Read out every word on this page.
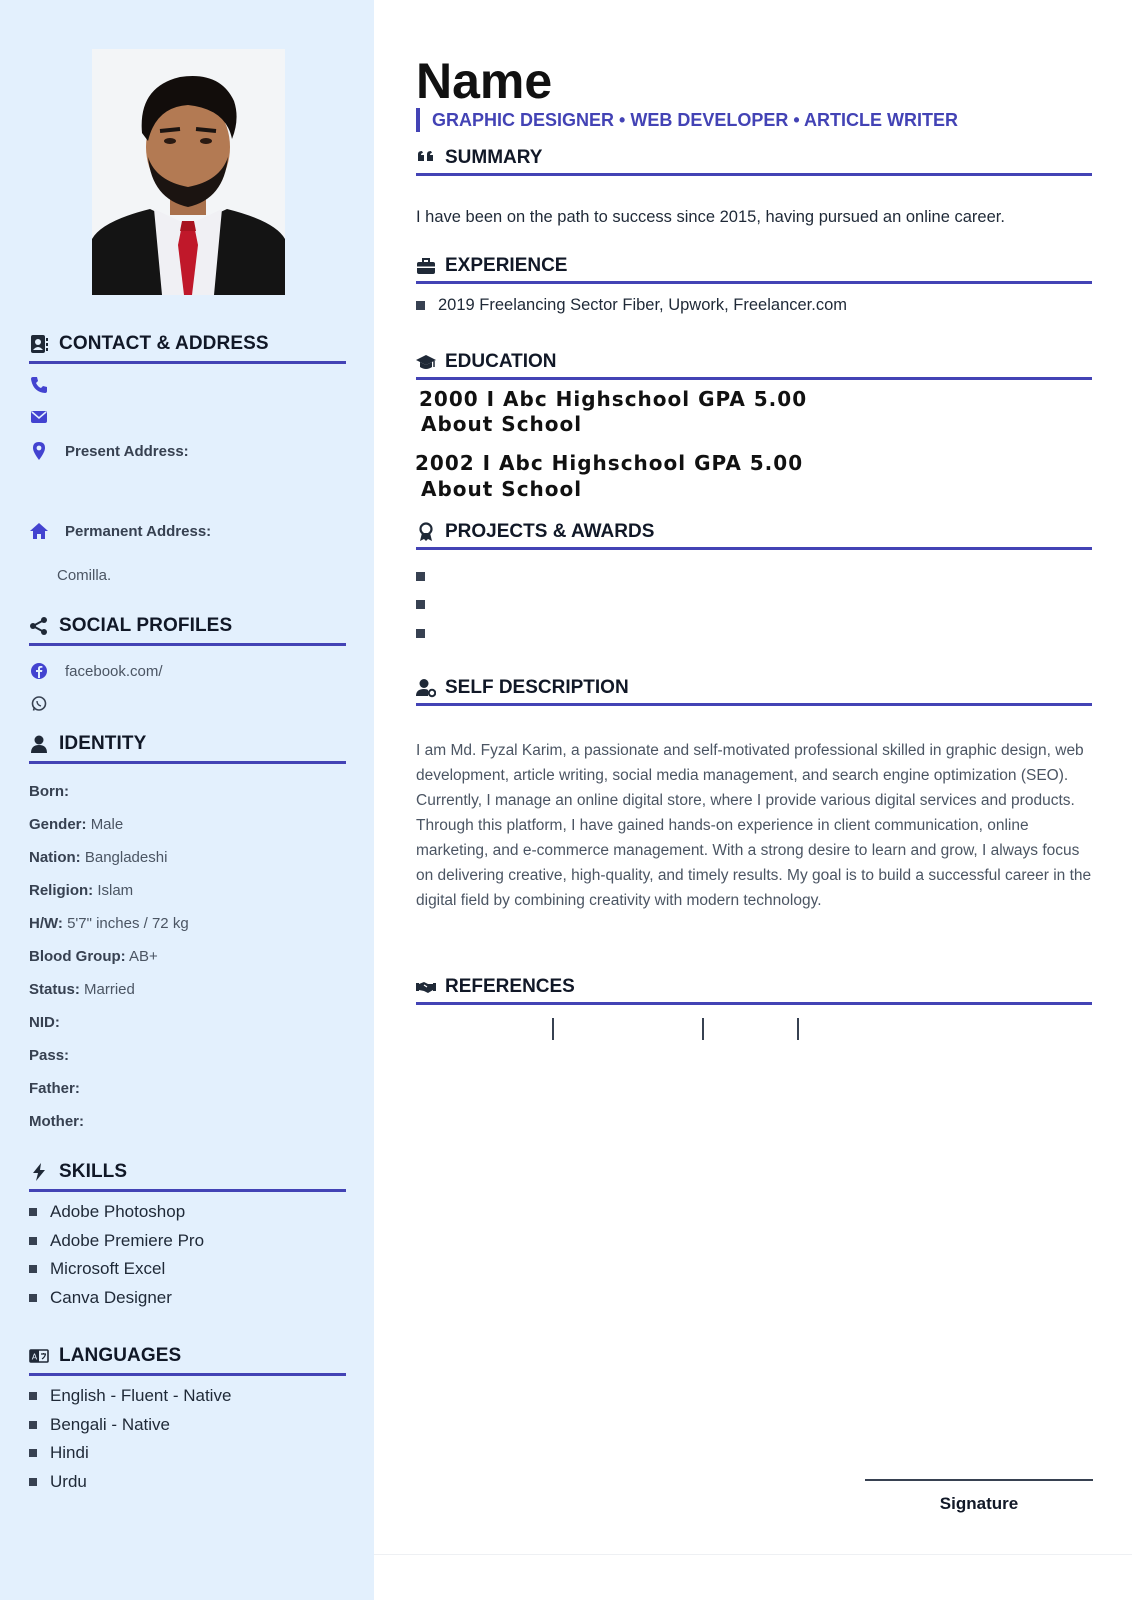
CONTACT & ADDRESS
Present Address:
Permanent Address:
Comilla.
SOCIAL PROFILES
facebook.com/
IDENTITY
Born:
Gender: Male
Nation: Bangladeshi
Religion: Islam
H/W: 5'7" inches / 72 kg
Blood Group: AB+
Status: Married
NID:
Pass:
Father:
Mother:
SKILLS
Adobe Photoshop
Adobe Premiere Pro
Microsoft Excel
Canva Designer
A LANGUAGES
English - Fluent - Native
Bengali - Native
Hindi
Urdu
Name
GRAPHIC DESIGNER • WEB DEVELOPER • ARTICLE WRITER
SUMMARY
I have been on the path to success since 2015, having pursued an online career.
EXPERIENCE
2019 Freelancing Sector Fiber, Upwork, Freelancer.com
EDUCATION
2000 I Abc Highschool GPA 5.00
About School
2002 I Abc Highschool GPA 5.00
About School
PROJECTS & AWARDS
SELF DESCRIPTION
I am Md. Fyzal Karim, a passionate and self-motivated professional skilled in graphic design, web development, article writing, social media management, and search engine optimization (SEO). Currently, I manage an online digital store, where I provide various digital services and products. Through this platform, I have gained hands-on experience in client communication, online marketing, and e-commerce management. With a strong desire to learn and grow, I always focus on delivering creative, high-quality, and timely results. My goal is to build a successful career in the digital field by combining creativity with modern technology.
REFERENCES
Signature
